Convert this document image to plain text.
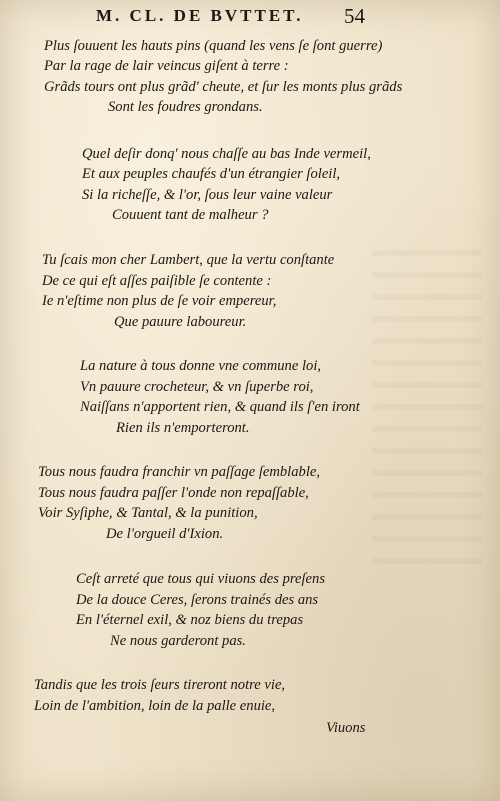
M. CL. DE BVTTET. 54
Plus ſouuent les hauts pins (quand les vens ſe ſont guerre)
Par la rage de lair veincus giſent à terre :
Grãds tours ont plus grãd' cheute, et ſur les monts plus grãds
Sont les foudres grondans.
Quel deſir donq' nous chaſſe au bas Inde vermeil,
Et aux peuples chaufés d'un étrangier ſoleil,
Si la richeſſe, & l'or, ſous leur vaine valeur
Couuent tant de malheur ?
Tu ſcais mon cher Lambert, que la vertu conſtante
De ce qui eſt aſſes paiſible ſe contente :
Ie n'eſtime non plus de ſe voir empereur,
Que pauure laboureur.
La nature à tous donne vne commune loi,
Vn pauure crocheteur, & vn ſuperbe roi,
Naiſſans n'apportent rien, & quand ils ſ'en iront
Rien ils n'emporteront.
Tous nous faudra franchir vn paſſage ſemblable,
Tous nous faudra paſſer l'onde non repaſſable,
Voir Syſiphe, & Tantal, & la punition,
De l'orgueil d'Ixion.
Ceſt arreté que tous qui viuons des preſens
De la douce Ceres, ſerons trainés des ans
En l'éternel exil, & noz biens du trepas
Ne nous garderont pas.
Tandis que les trois ſeurs tireront notre vie,
Loin de l'ambition, loin de la palle enuie,
Viuons
